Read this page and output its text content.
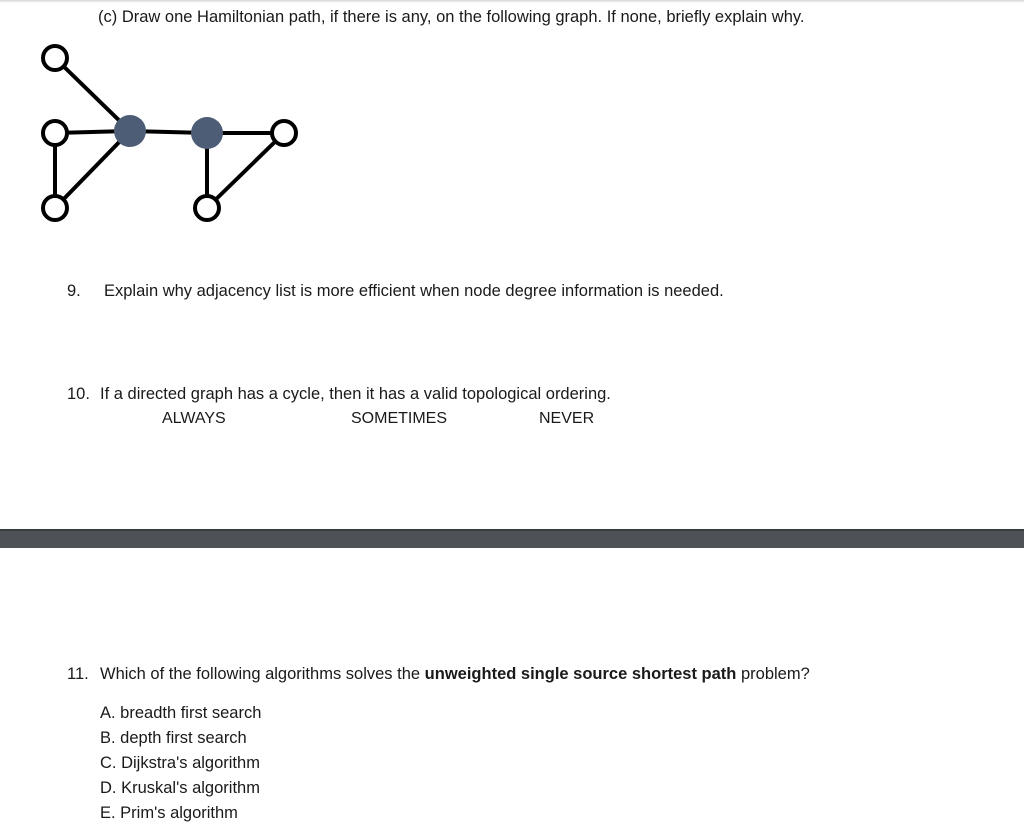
(c) Draw one Hamiltonian path, if there is any, on the following graph. If none, briefly explain why.
9. Explain why adjacency list is more efficient when node degree information is needed.
10. If a directed graph has a cycle, then it has a valid topological ordering.
ALWAYS	SOMETIMES	NEVER
11. Which of the following algorithms solves the unweighted single source shortest path problem?
A. breadth first search
B. depth first search
C. Dijkstra's algorithm
D. Kruskal's algorithm
E. Prim's algorithm
